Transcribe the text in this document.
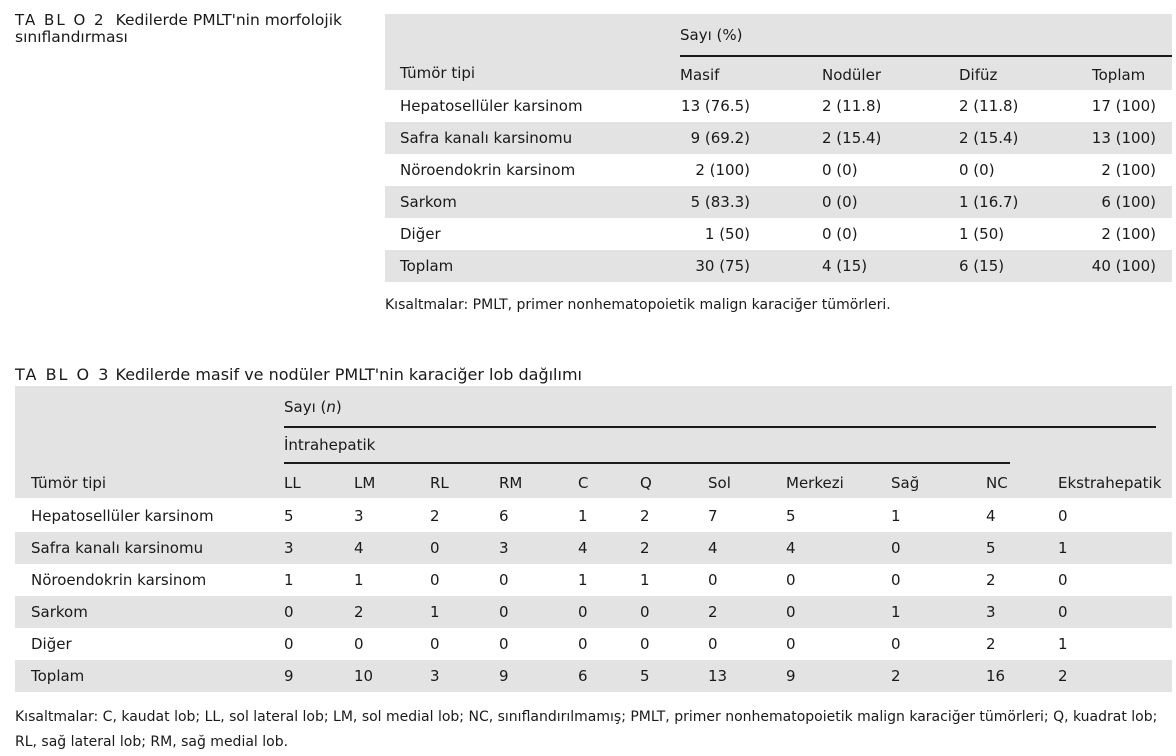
TA BL O 2 Kedilerde PMLT'nin morfolojik sınıflandırması	Sayı (%)
Tümör tipi	Masif	Nodüler	Difüz	Toplam
Hepatosellüler karsinom	13 (76.5)	2 (11.8)	2 (11.8)	17 (100)
Safra kanalı karsinomu	9 (69.2)	2 (15.4)	2 (15.4)	13 (100)
Nöroendokrin karsinom	2 (100)	0 (0)	0 (0)	2 (100)
Sarkom	5 (83.3)	0 (0)	1 (16.7)	6 (100)
Diğer	1 (50)	0 (0)	1 (50)	2 (100)
Toplam	30 (75)	4 (15)	6 (15)	40 (100)
Kısaltmalar: PMLT, primer nonhematopoietik malign karaciğer tümörleri.
TA BL O 3 Kedilerde masif ve nodüler PMLT'nin karaciğer lob dağılımı
Sayı (n)
İntrahepatik
Tümör tipi	LL	LM	RL	RM	C	Q	Sol	Merkezi	Sağ	NC	Ekstrahepatik
Hepatosellüler karsinom	5	3	2	6	1	2	7	5	1	4	0
Safra kanalı karsinomu	3	4	0	3	4	2	4	4	0	5	1
Nöroendokrin karsinom	1	1	0	0	1	1	0	0	0	2	0
Sarkom	0	2	1	0	0	0	2	0	1	3	0
Diğer	0	0	0	0	0	0	0	0	0	2	1
Toplam	9	10	3	9	6	5	13	9	2	16	2
Kısaltmalar: C, kaudat lob; LL, sol lateral lob; LM, sol medial lob; NC, sınıflandırılmamış; PMLT, primer nonhematopoietik malign karaciğer tümörleri; Q, kuadrat lob; RL, sağ lateral lob; RM, sağ medial lob.
